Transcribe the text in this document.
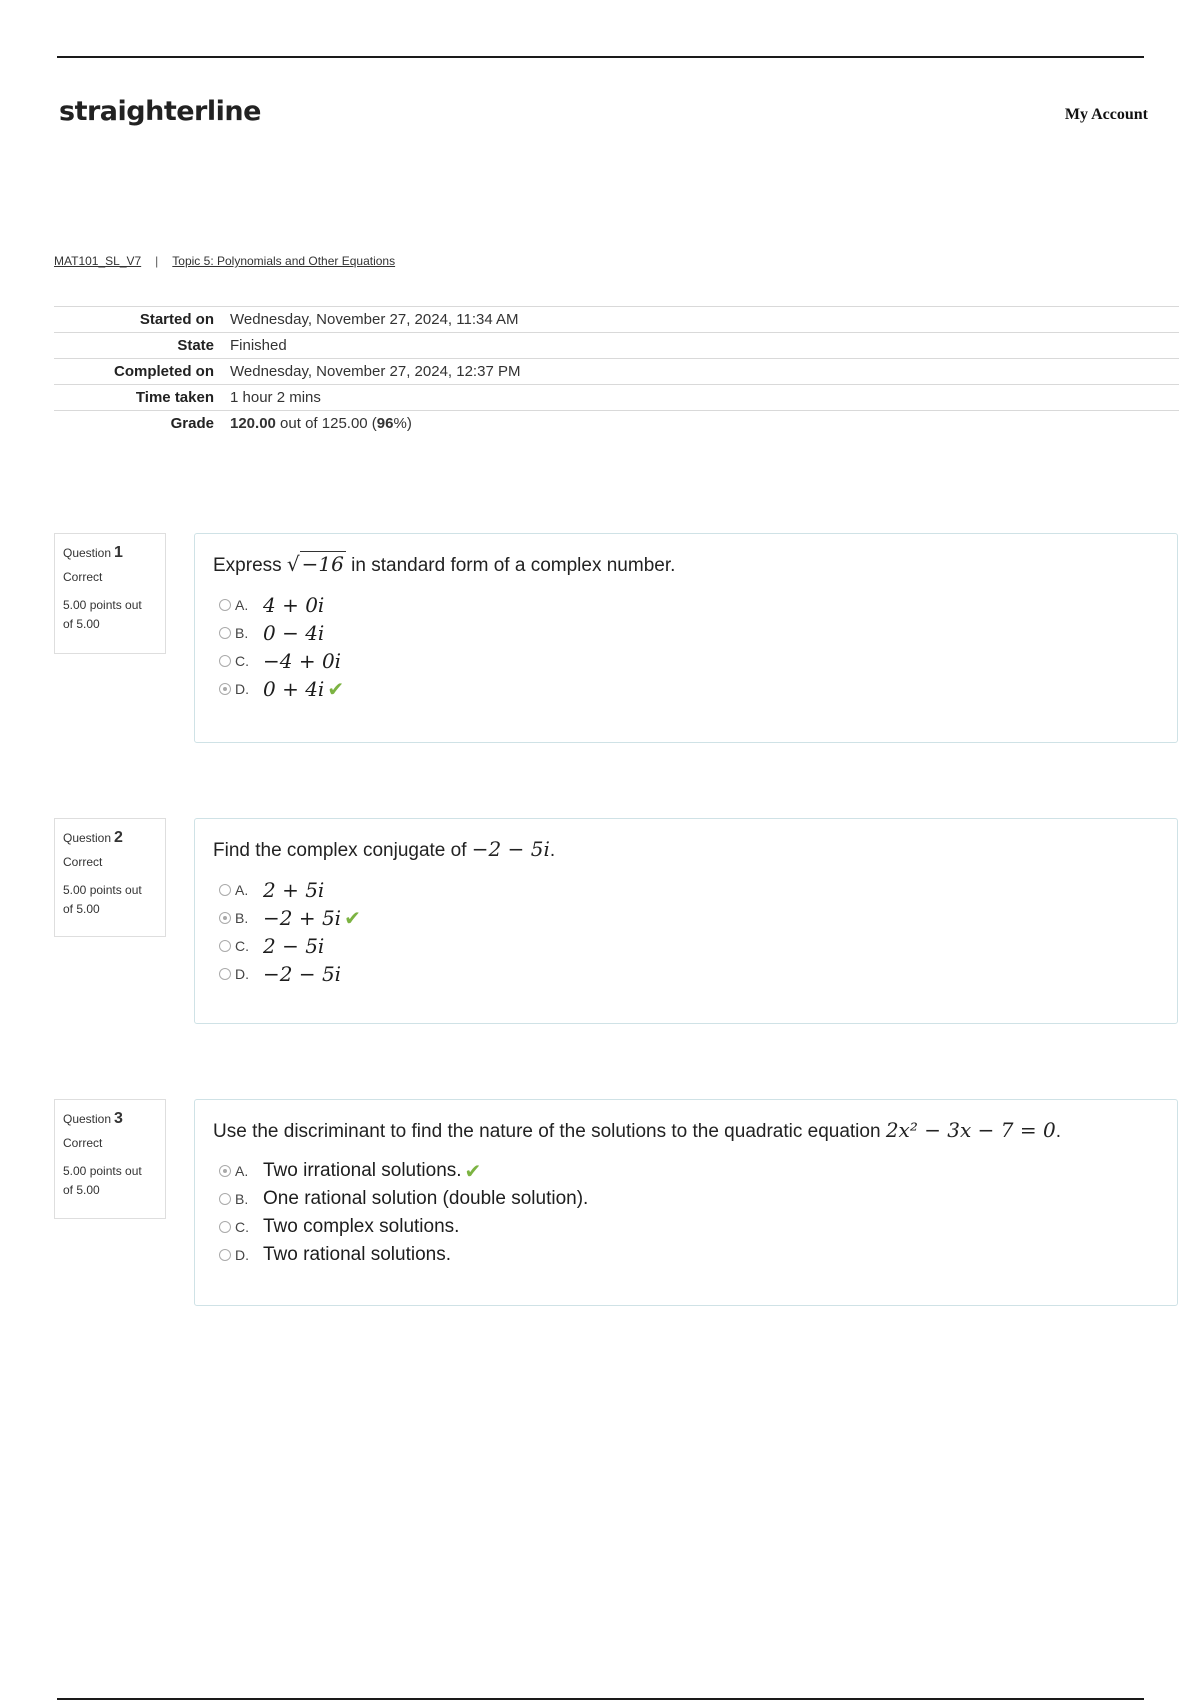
straighterline	My Account
MAT101_SL_V7 | Topic 5: Polynomials and Other Equations
Started on	Wednesday, November 27, 2024, 11:34 AM
State	Finished
Completed on	Wednesday, November 27, 2024, 12:37 PM
Time taken	1 hour 2 mins
Grade	120.00 out of 125.00 (96%)
Question 1
Correct
5.00 points out of 5.00
Express √ −16 in standard form of a complex number.
A. 4 + 0i
B. 0 − 4i
C. −4 + 0i
D. 0 + 4i ✔
Question 2
Correct
5.00 points out of 5.00
Find the complex conjugate of −2 − 5i.
A. 2 + 5i
B. −2 + 5i ✔
C. 2 − 5i
D. −2 − 5i
Question 3
Correct
5.00 points out of 5.00
Use the discriminant to find the nature of the solutions to the quadratic equation 2x² − 3x − 7 = 0.
A. Two irrational solutions. ✔
B. One rational solution (double solution).
C. Two complex solutions.
D. Two rational solutions.
